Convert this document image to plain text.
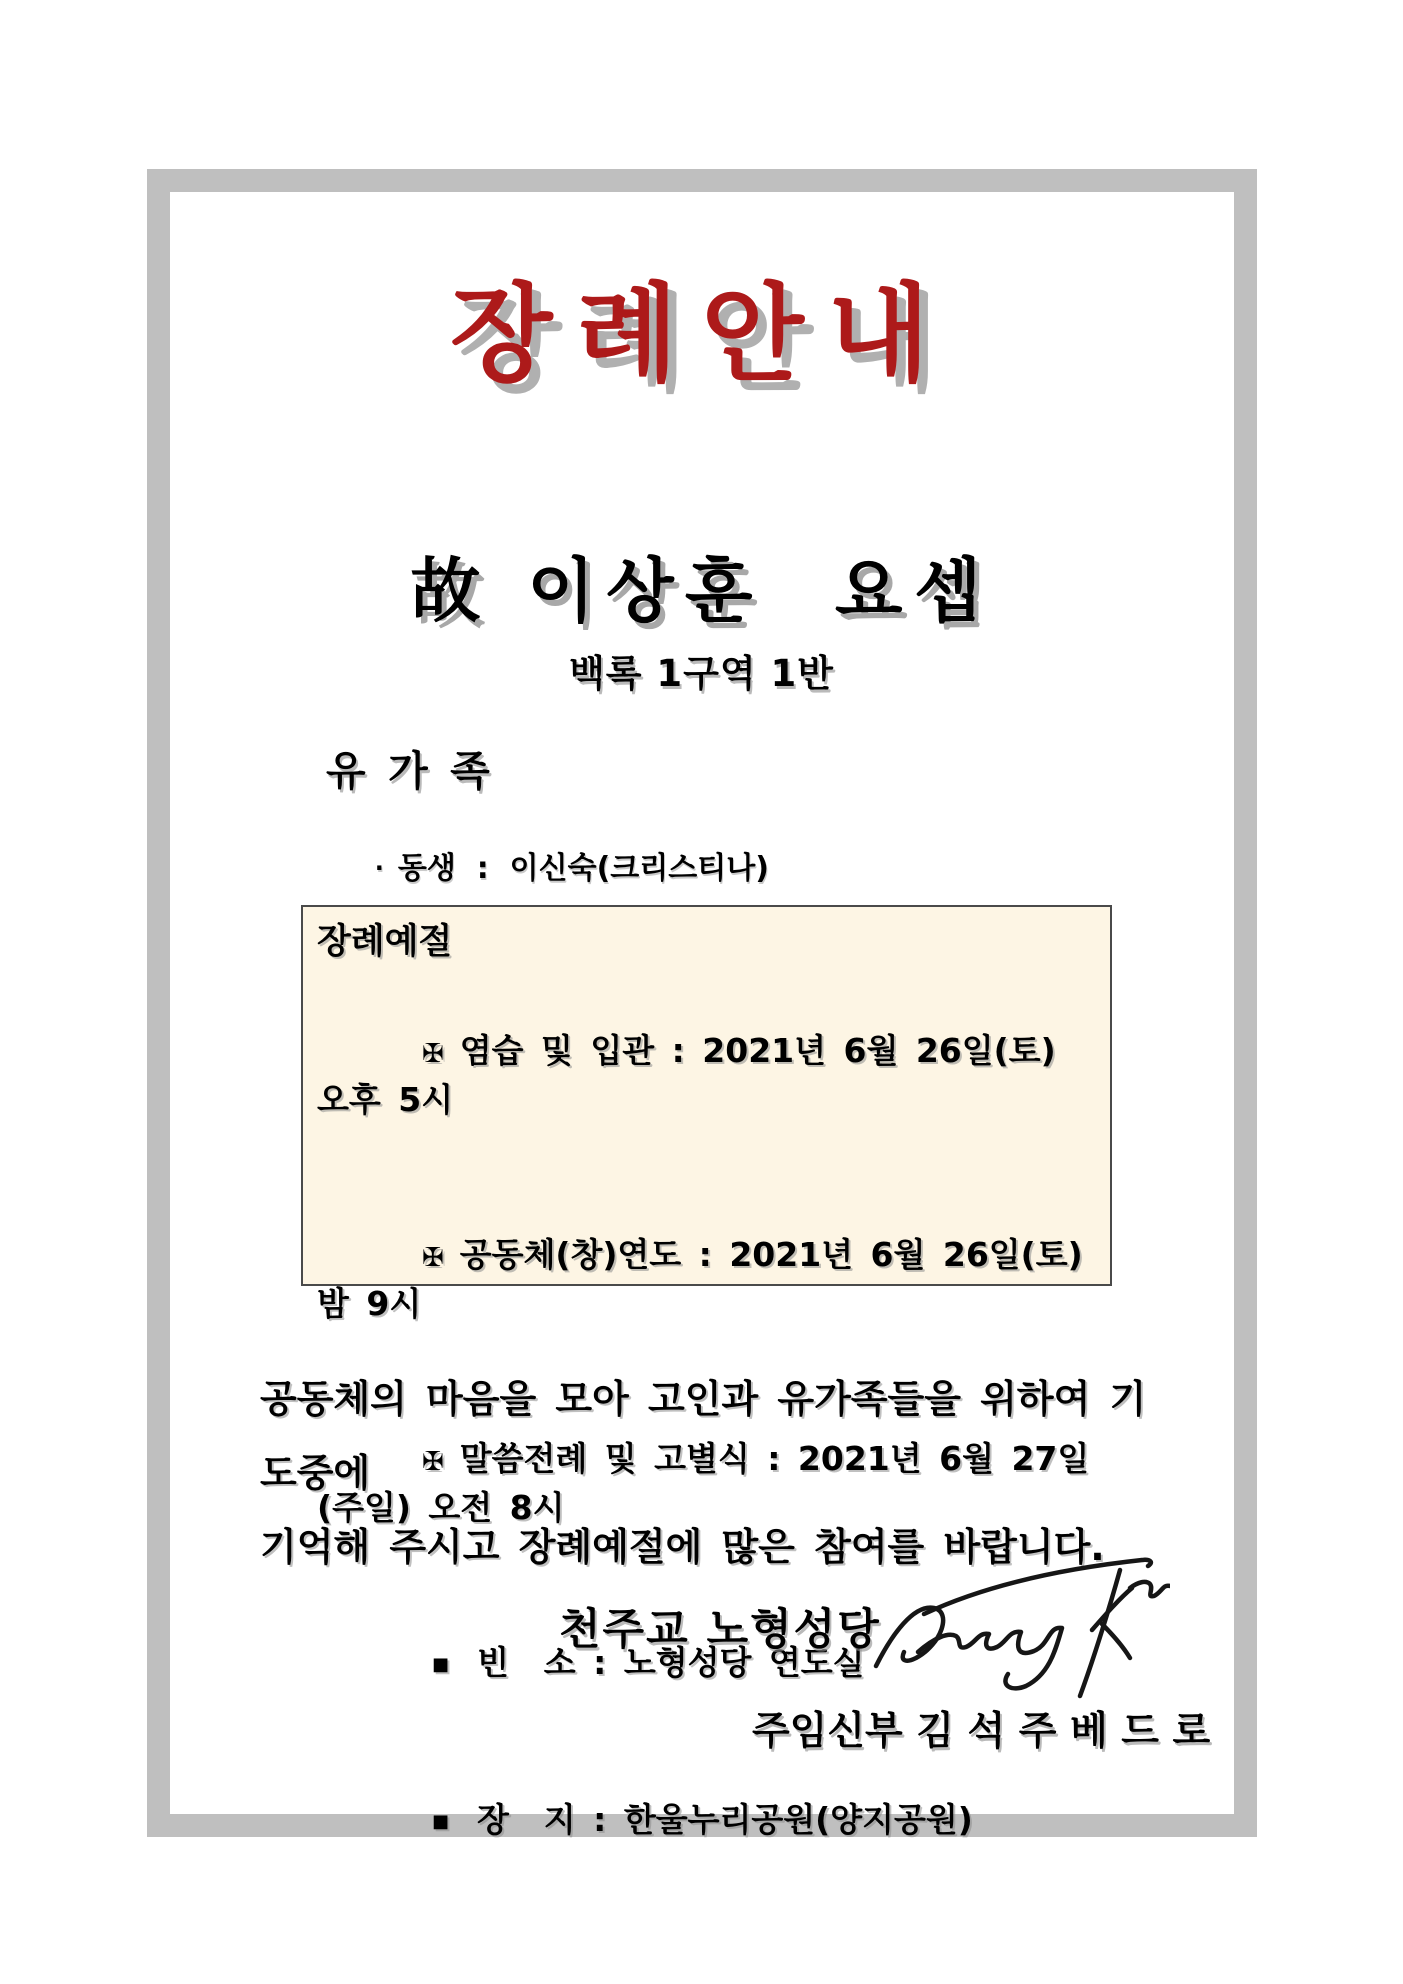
장례안내
故 이상훈  요셉
백록 1구역 1반
유 가 족

· 동생  :  이신숙(크리스티나)

장례예절

✠ 염습 및 입관 : 2021년 6월 26일(토) 오후 5시

✠ 공동체(창)연도 : 2021년 6월 26일(토) 밤 9시

✠ 말씀전례 및 고별식 : 2021년 6월 27일(주일) 오전 8시

■ 빈  소 : 노형성당 연도실

■ 장  지 : 한울누리공원(양지공원)

공동체의 마음을 모아 고인과 유가족들을 위하여 기도중에
기억해 주시고 장례예절에 많은 참여를 바랍니다.
천주교 노형성당
주임신부 김 석 주 베 드 로
